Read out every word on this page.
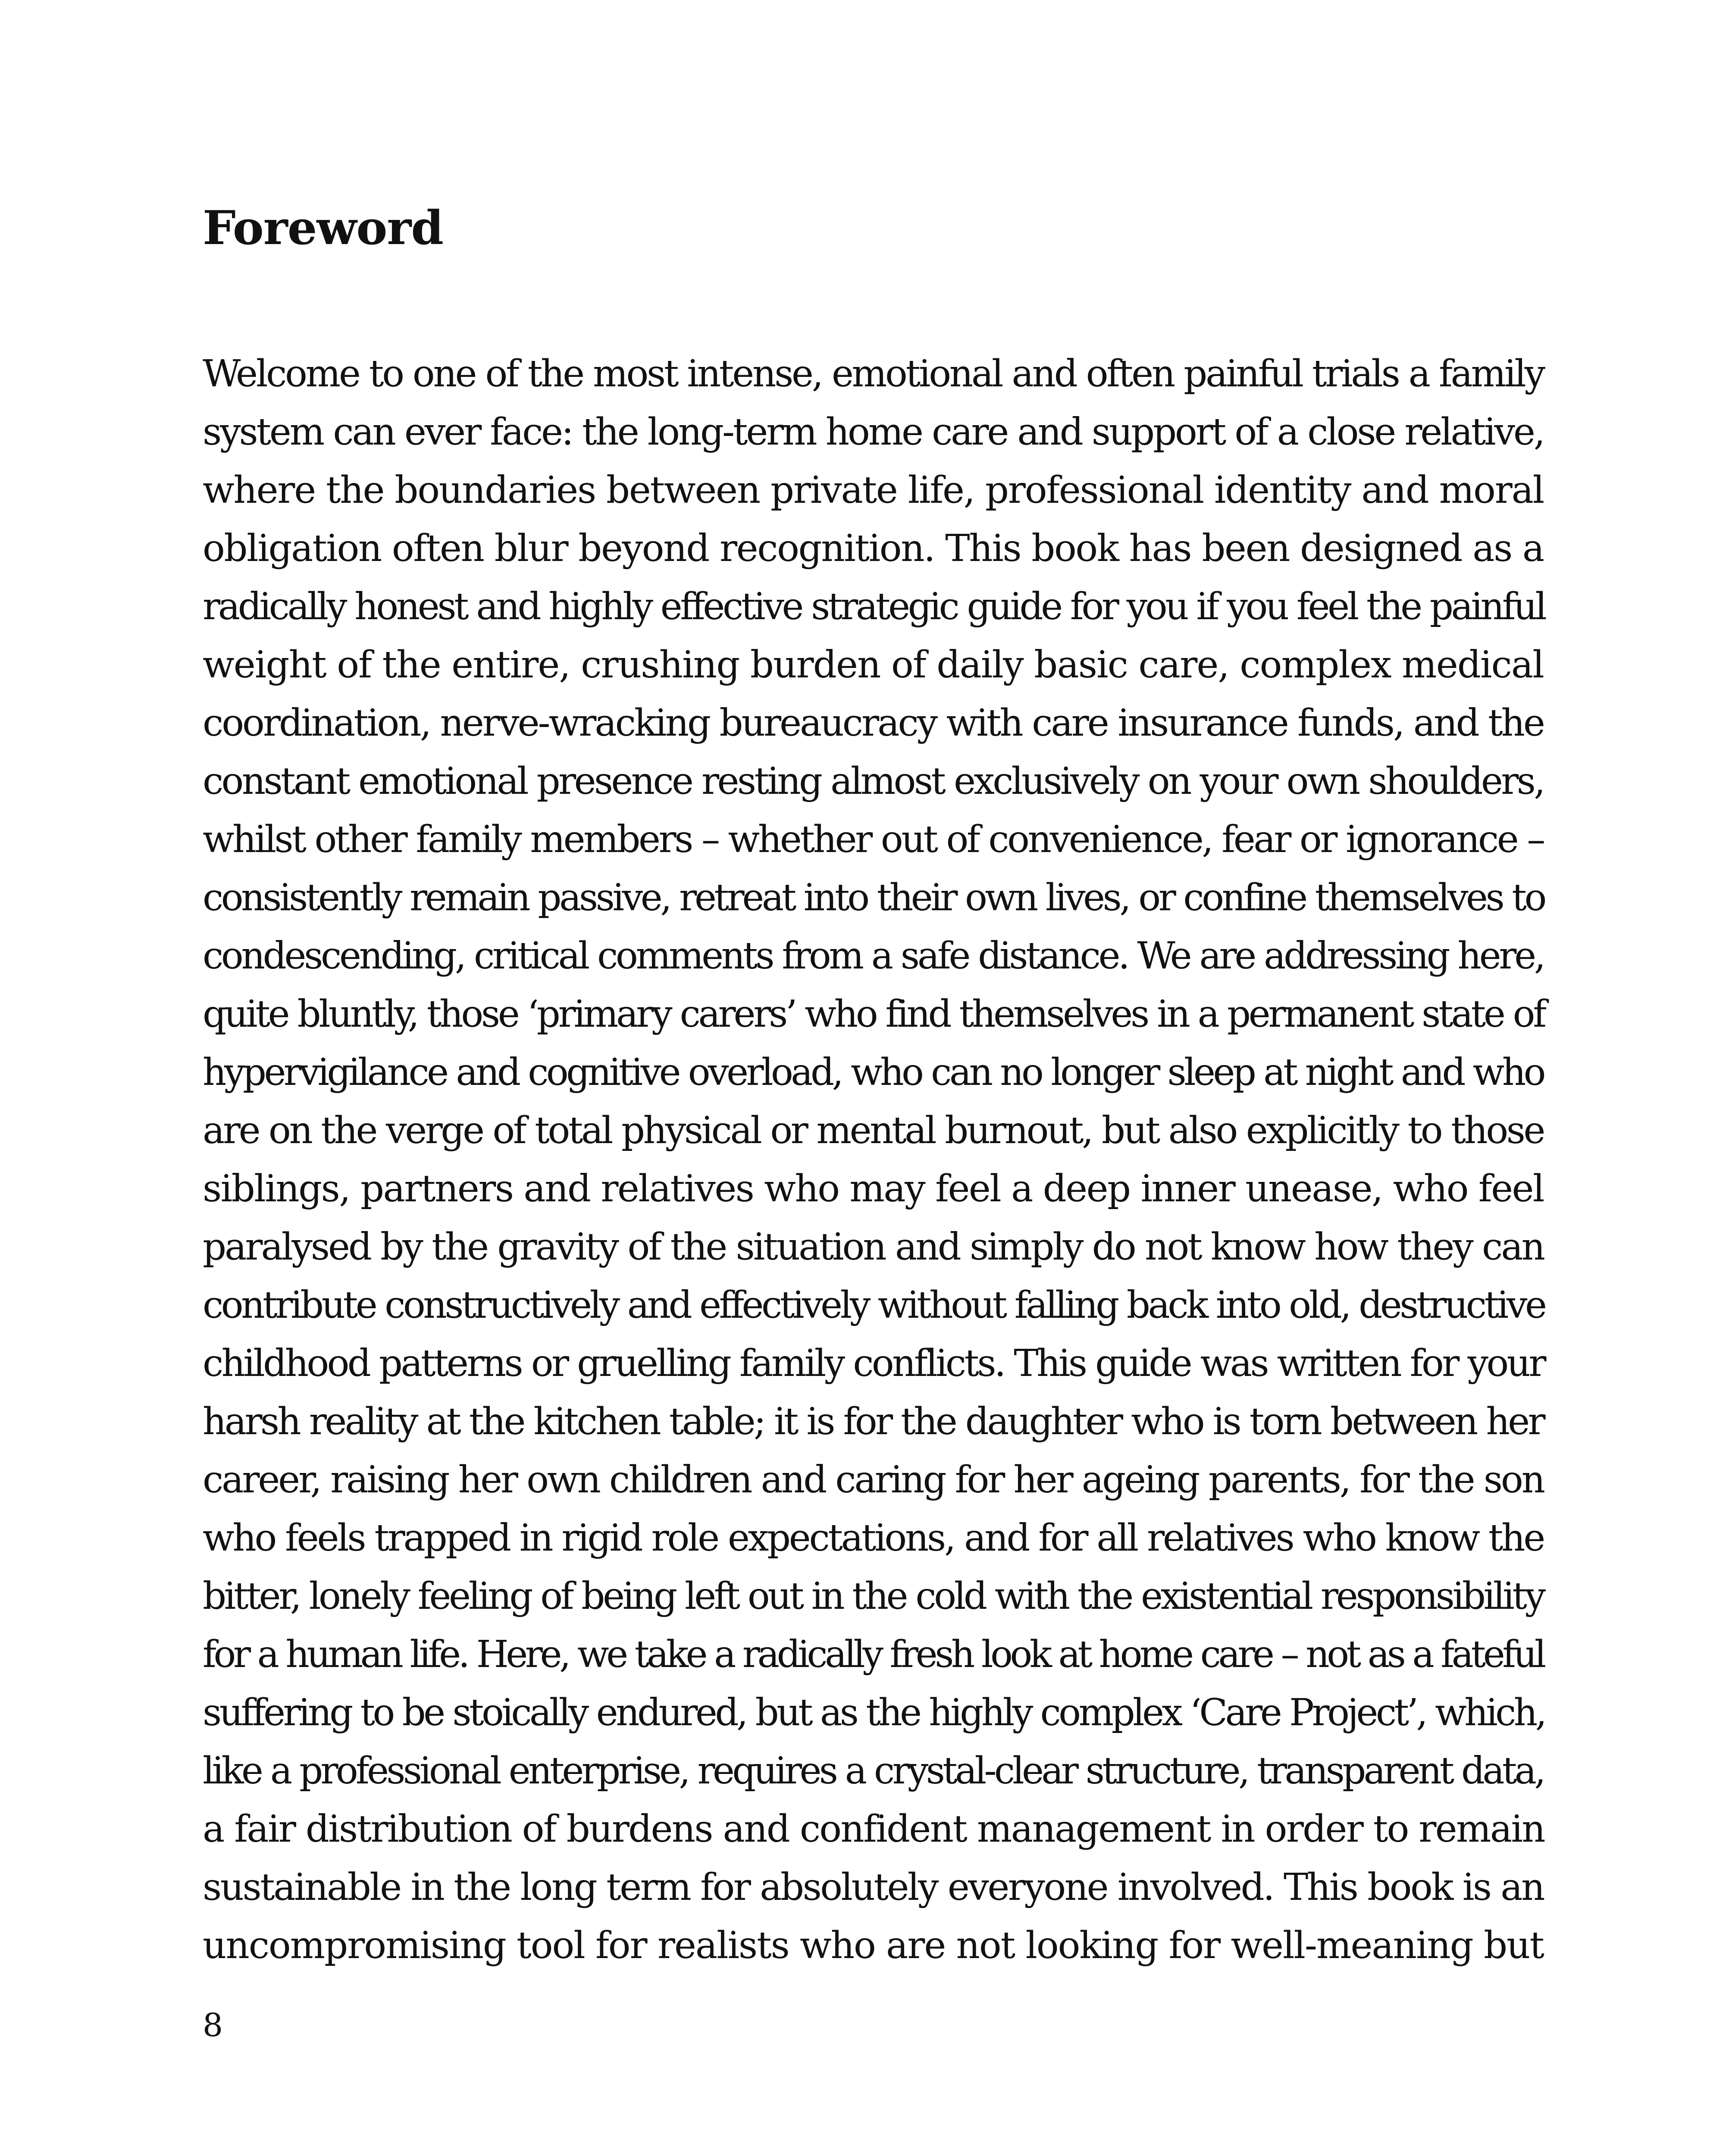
Foreword
Welcome to one of the most intense, emotional and often painful trials a family
system can ever face: the long-term home care and support of a close relative,
where the boundaries between private life, professional identity and moral
obligation often blur beyond recognition. This book has been designed as a
radically honest and highly effective strategic guide for you if you feel the painful
weight of the entire, crushing burden of daily basic care, complex medical
coordination, nerve-wracking bureaucracy with care insurance funds, and the
constant emotional presence resting almost exclusively on your own shoulders,
whilst other family members – whether out of convenience, fear or ignorance –
consistently remain passive, retreat into their own lives, or confine themselves to
condescending, critical comments from a safe distance. We are addressing here,
quite bluntly, those ‘primary carers’ who find themselves in a permanent state of
hypervigilance and cognitive overload, who can no longer sleep at night and who
are on the verge of total physical or mental burnout, but also explicitly to those
siblings, partners and relatives who may feel a deep inner unease, who feel
paralysed by the gravity of the situation and simply do not know how they can
contribute constructively and effectively without falling back into old, destructive
childhood patterns or gruelling family conflicts. This guide was written for your
harsh reality at the kitchen table; it is for the daughter who is torn between her
career, raising her own children and caring for her ageing parents, for the son
who feels trapped in rigid role expectations, and for all relatives who know the
bitter, lonely feeling of being left out in the cold with the existential responsibility
for a human life. Here, we take a radically fresh look at home care – not as a fateful
suffering to be stoically endured, but as the highly complex ‘Care Project’, which,
like a professional enterprise, requires a crystal-clear structure, transparent data,
a fair distribution of burdens and confident management in order to remain
sustainable in the long term for absolutely everyone involved. This book is an
uncompromising tool for realists who are not looking for well-meaning but
8
